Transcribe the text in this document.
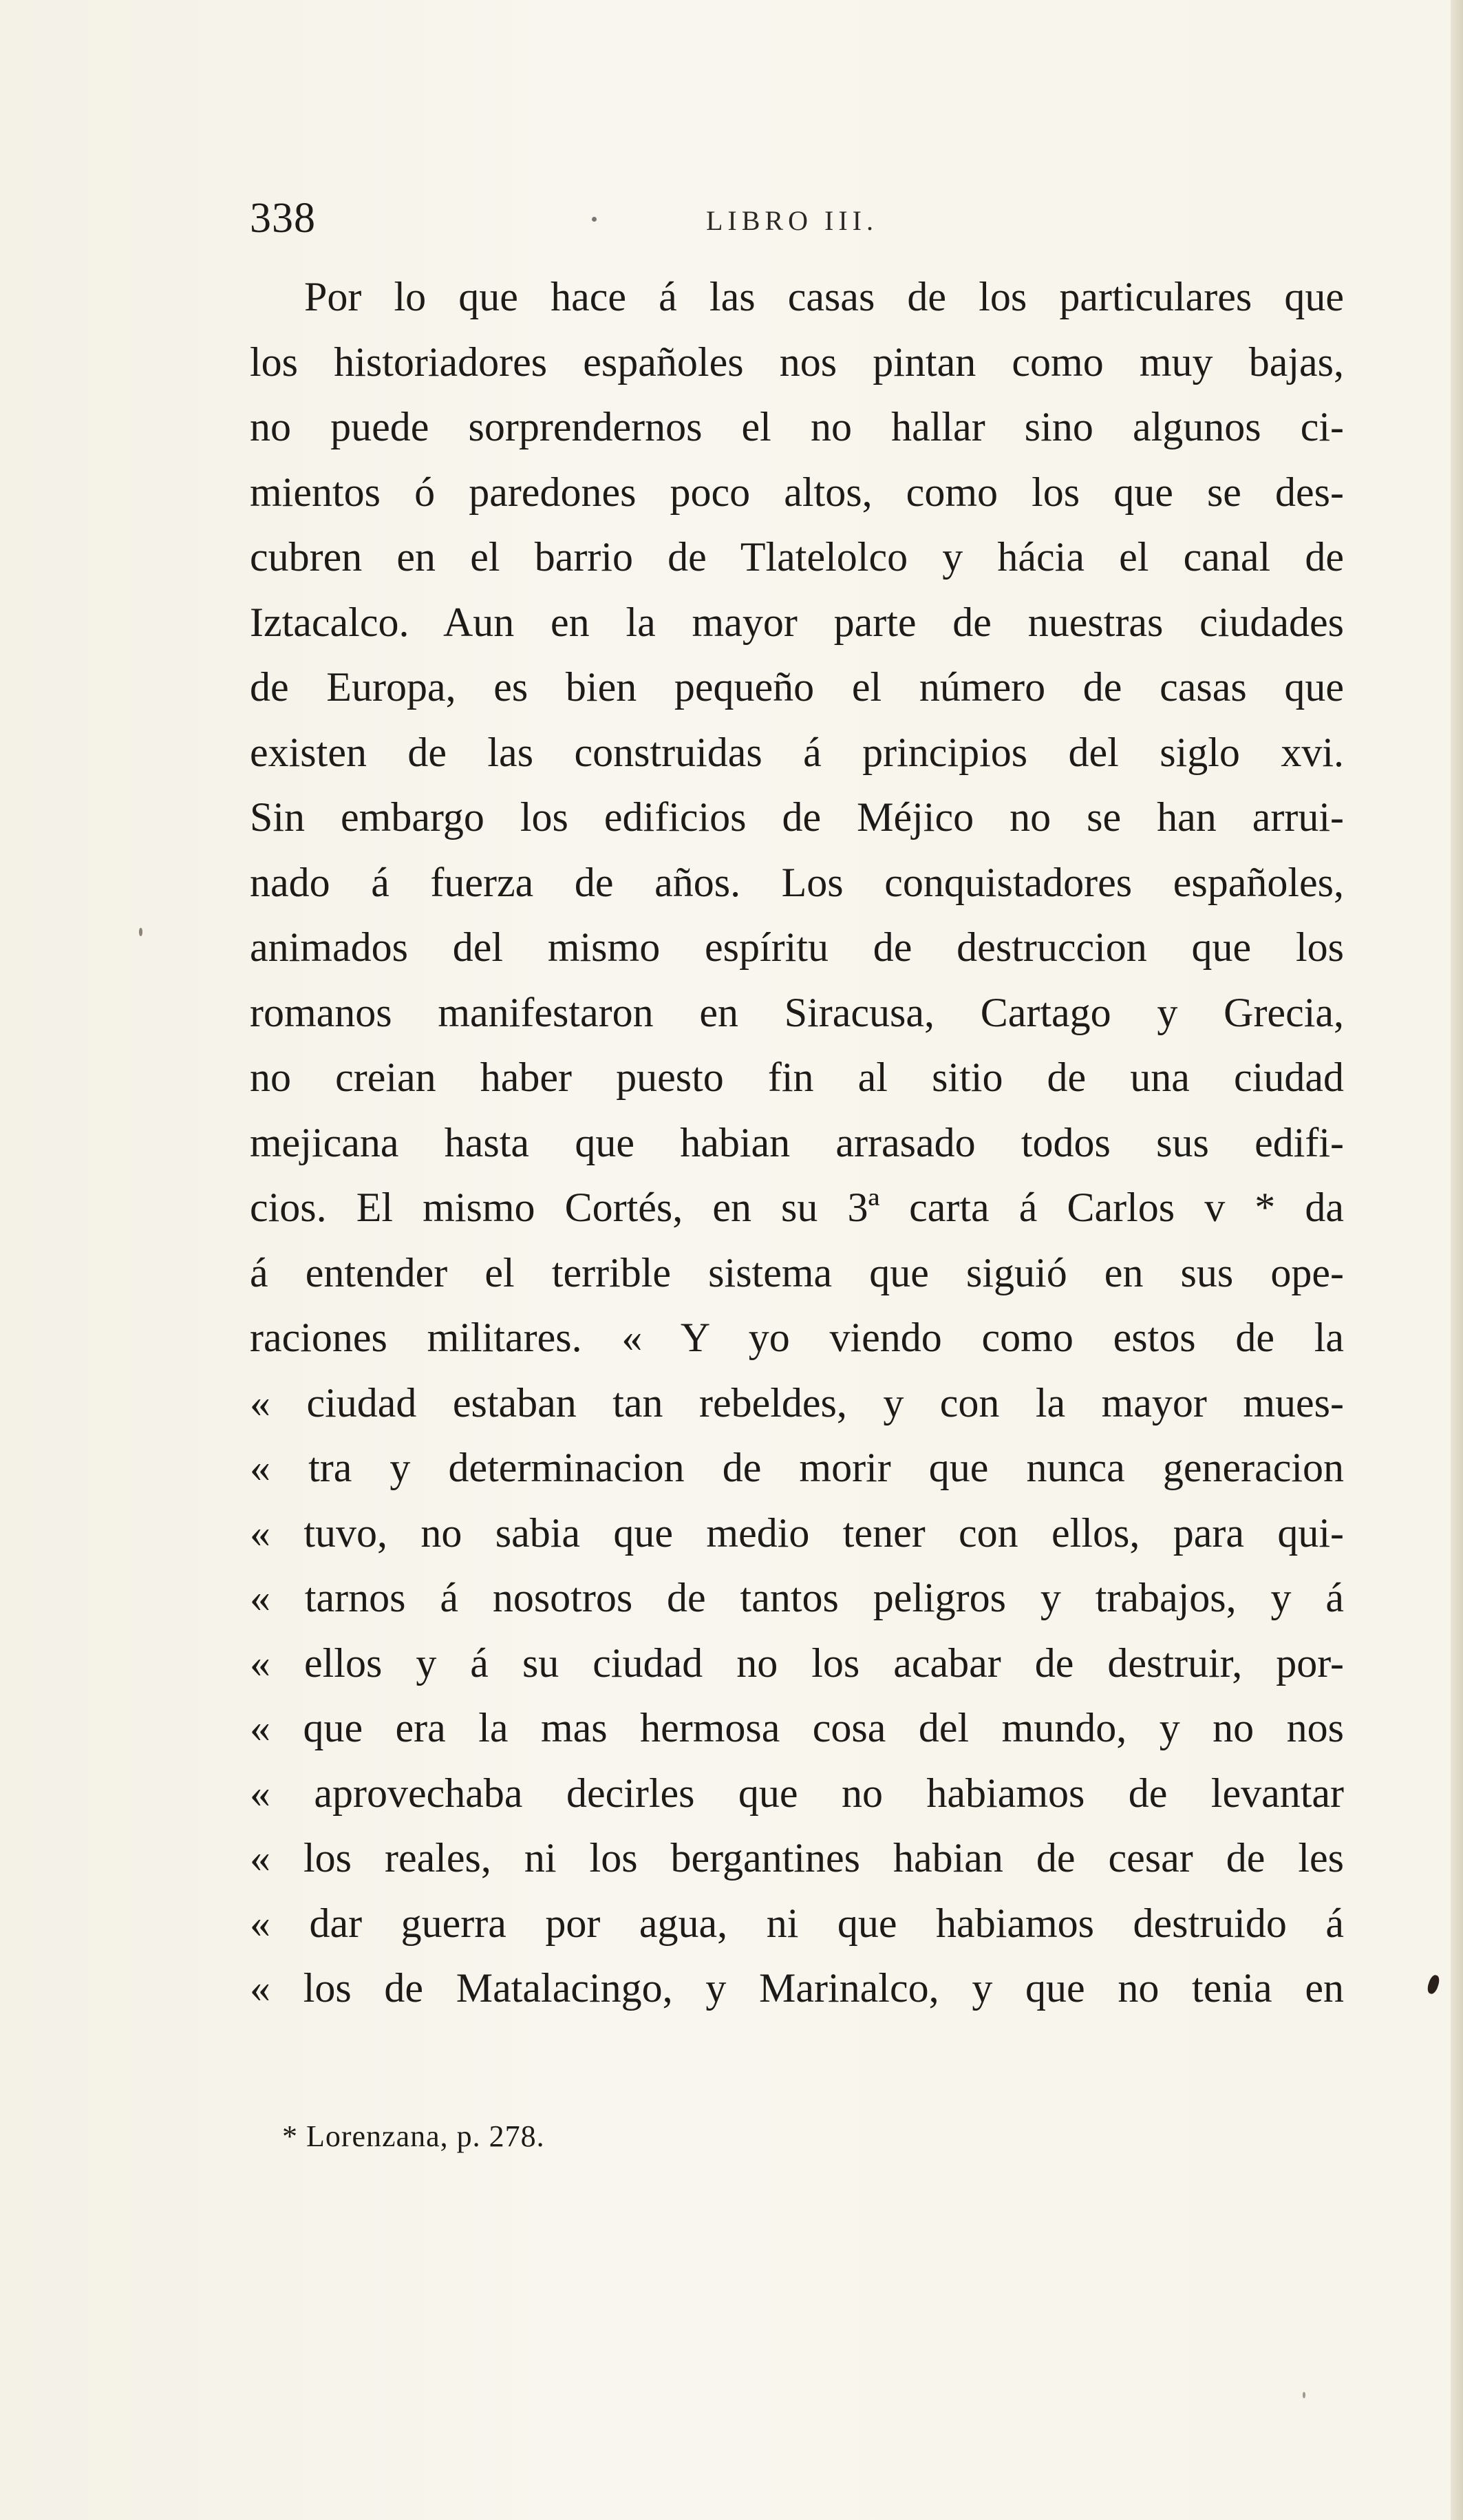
338	LIBRO III.
Por lo que hace á las casas de los particulares que
los historiadores españoles nos pintan como muy bajas,
no puede sorprendernos el no hallar sino algunos ci-
mientos ó paredones poco altos, como los que se des-
cubren en el barrio de Tlatelolco y hácia el canal de
Iztacalco. Aun en la mayor parte de nuestras ciudades
de Europa, es bien pequeño el número de casas que
existen de las construidas á principios del siglo xvi.
Sin embargo los edificios de Méjico no se han arrui-
nado á fuerza de años. Los conquistadores españoles,
animados del mismo espíritu de destruccion que los
romanos manifestaron en Siracusa, Cartago y Grecia,
no creian haber puesto fin al sitio de una ciudad
mejicana hasta que habian arrasado todos sus edifi-
cios. El mismo Cortés, en su 3ª carta á Carlos v * da
á entender el terrible sistema que siguió en sus ope-
raciones militares. « Y yo viendo como estos de la
« ciudad estaban tan rebeldes, y con la mayor mues-
« tra y determinacion de morir que nunca generacion
« tuvo, no sabia que medio tener con ellos, para qui-
« tarnos á nosotros de tantos peligros y trabajos, y á
« ellos y á su ciudad no los acabar de destruir, por-
« que era la mas hermosa cosa del mundo, y no nos
« aprovechaba decirles que no habiamos de levantar
« los reales, ni los bergantines habian de cesar de les
« dar guerra por agua, ni que habiamos destruido á
« los de Matalacingo, y Marinalco, y que no tenia en
* Lorenzana, p. 278.
